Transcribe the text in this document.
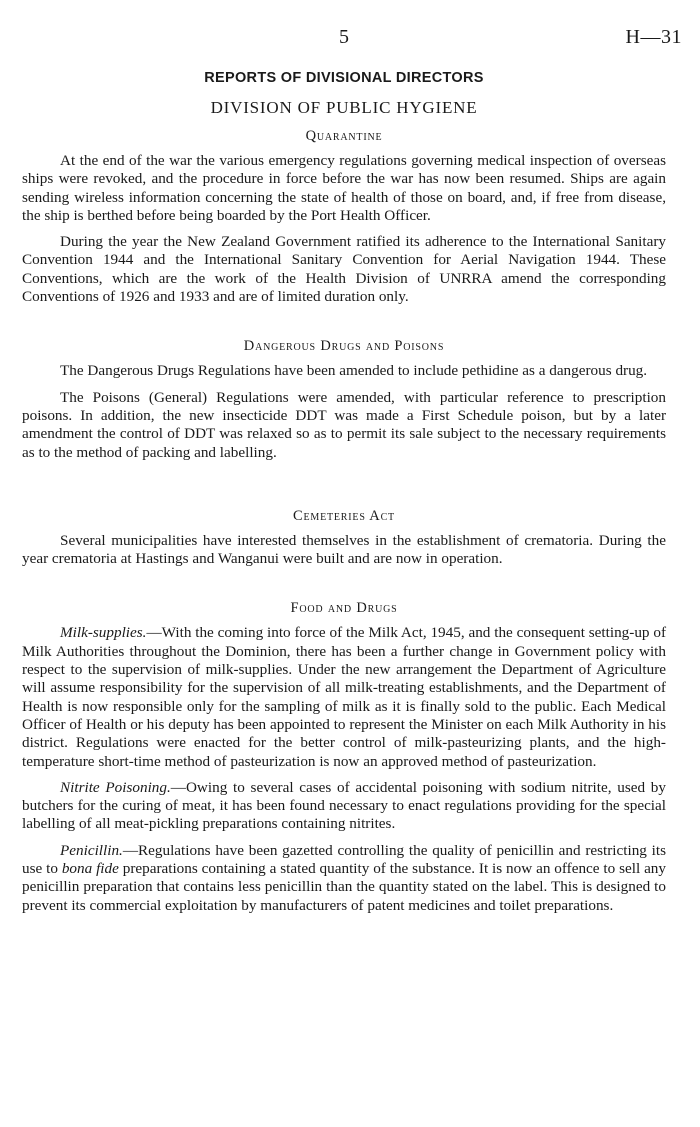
5	H—31
REPORTS OF DIVISIONAL DIRECTORS
DIVISION OF PUBLIC HYGIENE
Quarantine

At the end of the war the various emergency regulations governing medical inspection of overseas ships were revoked, and the procedure in force before the war has now been resumed. Ships are again sending wireless information concerning the state of health of those on board, and, if free from disease, the ship is berthed before being boarded by the Port Health Officer.

During the year the New Zealand Government ratified its adherence to the International Sanitary Convention 1944 and the International Sanitary Convention for Aerial Navigation 1944. These Conventions, which are the work of the Health Division of UNRRA amend the corresponding Conventions of 1926 and 1933 and are of limited duration only.

Dangerous Drugs and Poisons

The Dangerous Drugs Regulations have been amended to include pethidine as a dangerous drug.

The Poisons (General) Regulations were amended, with particular reference to prescription poisons. In addition, the new insecticide DDT was made a First Schedule poison, but by a later amendment the control of DDT was relaxed so as to permit its sale subject to the necessary requirements as to the method of packing and labelling.

Cemeteries Act

Several municipalities have interested themselves in the establishment of crematoria. During the year crematoria at Hastings and Wanganui were built and are now in operation.

Food and Drugs

Milk-supplies.—With the coming into force of the Milk Act, 1945, and the consequent setting-up of Milk Authorities throughout the Dominion, there has been a further change in Government policy with respect to the supervision of milk-supplies. Under the new arrangement the Department of Agriculture will assume responsibility for the supervision of all milk-treating establishments, and the Department of Health is now responsible only for the sampling of milk as it is finally sold to the public. Each Medical Officer of Health or his deputy has been appointed to represent the Minister on each Milk Authority in his district. Regulations were enacted for the better control of milk-pasteurizing plants, and the high-temperature short-time method of pasteurization is now an approved method of pasteurization.

Nitrite Poisoning.—Owing to several cases of accidental poisoning with sodium nitrite, used by butchers for the curing of meat, it has been found necessary to enact regulations providing for the special labelling of all meat-pickling preparations containing nitrites.

Penicillin.—Regulations have been gazetted controlling the quality of penicillin and restricting its use to bona fide preparations containing a stated quantity of the substance. It is now an offence to sell any penicillin preparation that contains less penicillin than the quantity stated on the label. This is designed to prevent its commercial exploitation by manufacturers of patent medicines and toilet preparations.
